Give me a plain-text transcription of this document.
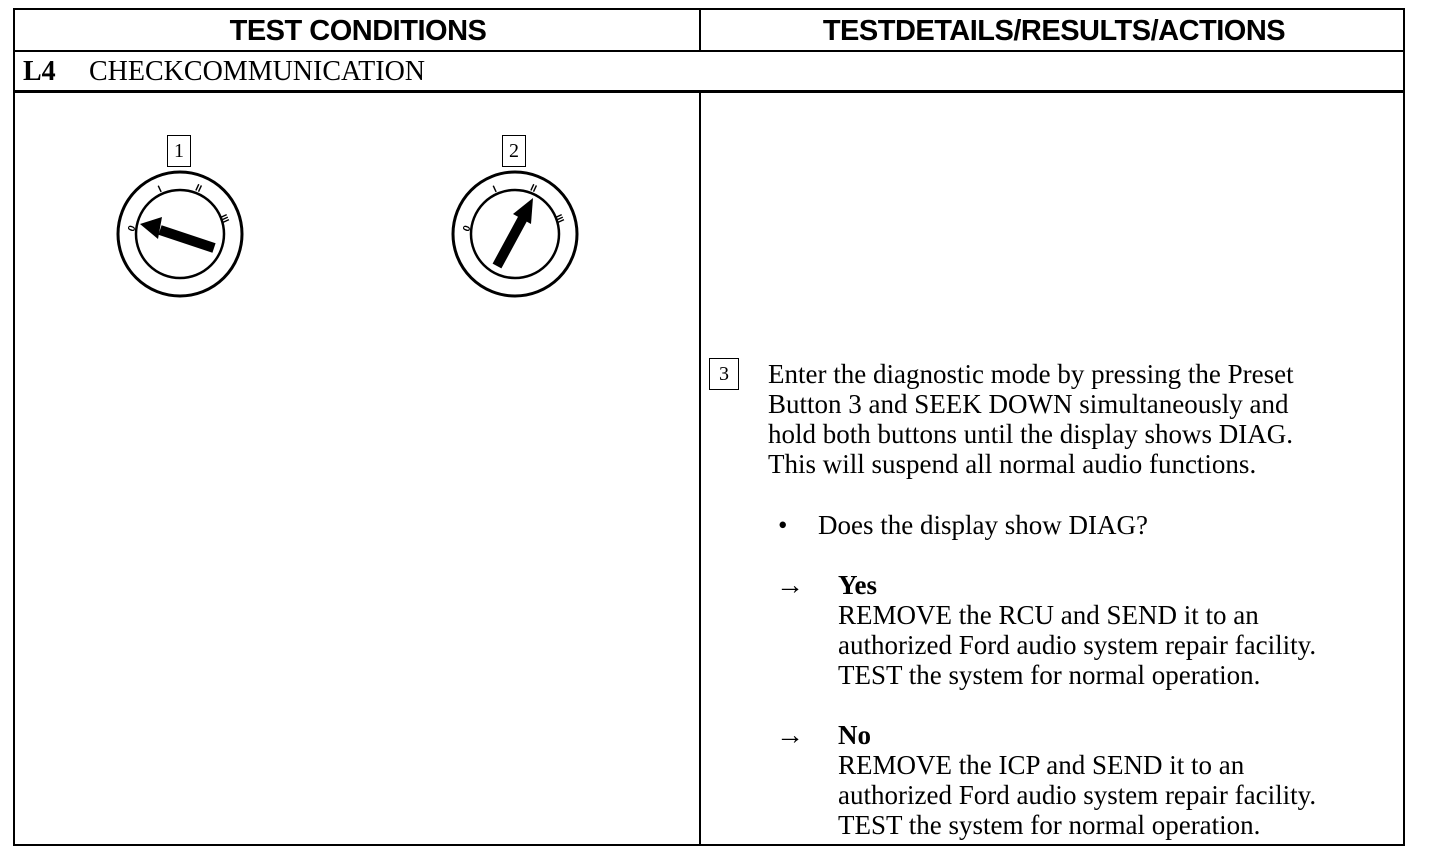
TEST CONDITIONS	TESTDETAILS/RESULTS/ACTIONS
L4	CHECKCOMMUNICATION
1
0
I	II
III
2
0
I	II
III
3	Enter the diagnostic mode by pressing the Preset
Button 3 and SEEK DOWN simultaneously and
hold both buttons until the display shows DIAG.
This will suspend all normal audio functions.
• Does the display show DIAG?
→ Yes
REMOVE the RCU and SEND it to an
authorized Ford audio system repair facility.
TEST the system for normal operation.
→ No
REMOVE the ICP and SEND it to an
authorized Ford audio system repair facility.
TEST the system for normal operation.
